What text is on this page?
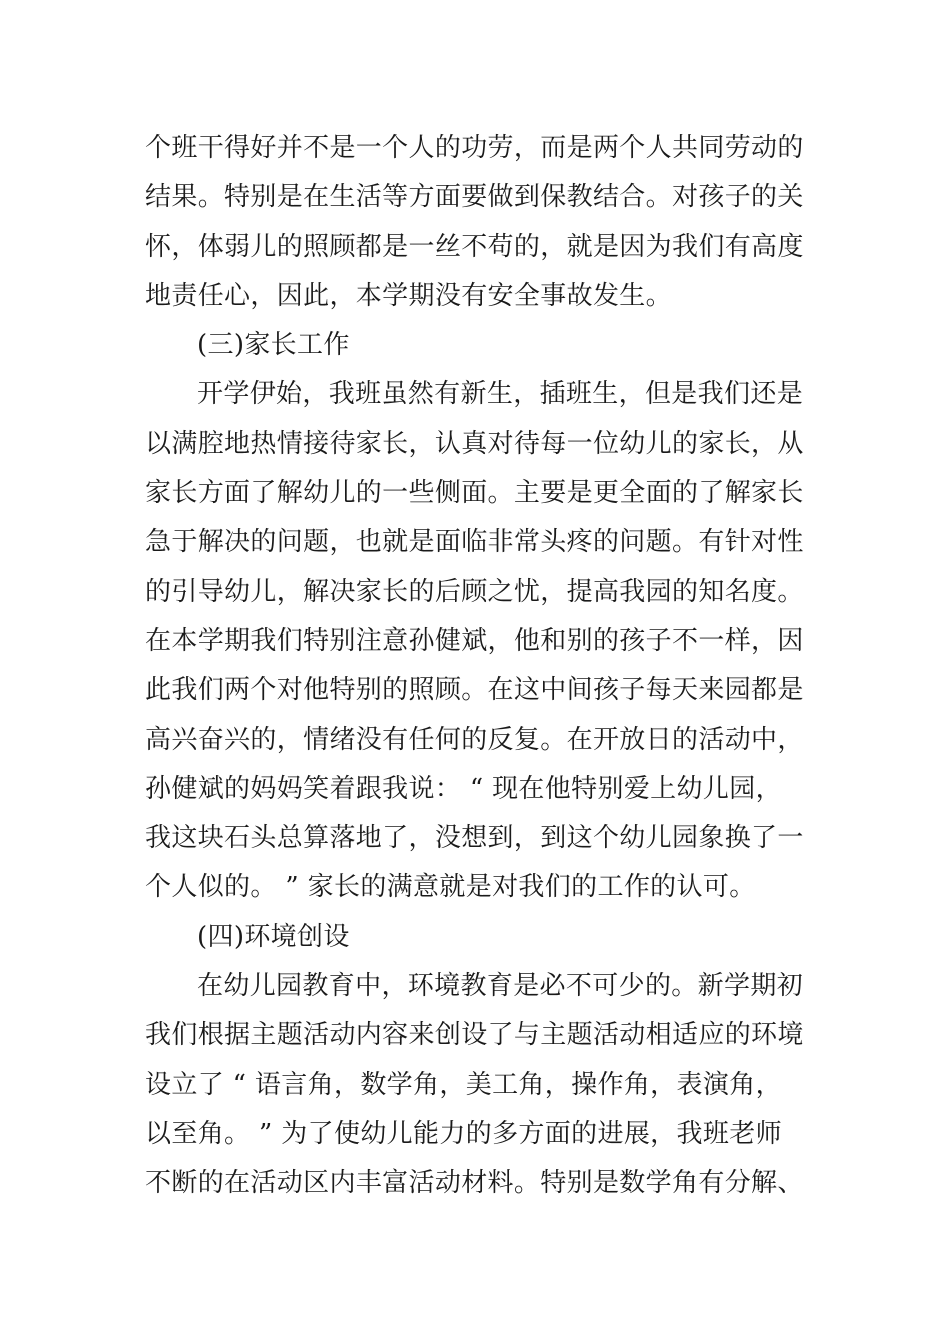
个班干得好并不是一个人的功劳，而是两个人共同劳动的
结果。特别是在生活等方面要做到保教结合。对孩子的关
怀，体弱儿的照顾都是一丝不苟的，就是因为我们有高度
地责任心，因此，本学期没有安全事故发生。
(三)家长工作
开学伊始，我班虽然有新生，插班生，但是我们还是
以满腔地热情接待家长，认真对待每一位幼儿的家长，从
家长方面了解幼儿的一些侧面。主要是更全面的了解家长
急于解决的问题，也就是面临非常头疼的问题。有针对性
的引导幼儿，解决家长的后顾之忧，提高我园的知名度。
在本学期我们特别注意孙健斌，他和别的孩子不一样，因
此我们两个对他特别的照顾。在这中间孩子每天来园都是
高兴奋兴的，情绪没有任何的反复。在开放日的活动中，
孙健斌的妈妈笑着跟我说： “ 现在他特别爱上幼儿园，
我这块石头总算落地了，没想到，到这个幼儿园象换了一
个人似的。 ” 家长的满意就是对我们的工作的认可。
(四)环境创设
在幼儿园教育中，环境教育是必不可少的。新学期初
我们根据主题活动内容来创设了与主题活动相适应的环境
设立了 “ 语言角，数学角，美工角，操作角，表演角，
以至角。 ” 为了使幼儿能力的多方面的进展，我班老师
不断的在活动区内丰富活动材料。特别是数学角有分解、
